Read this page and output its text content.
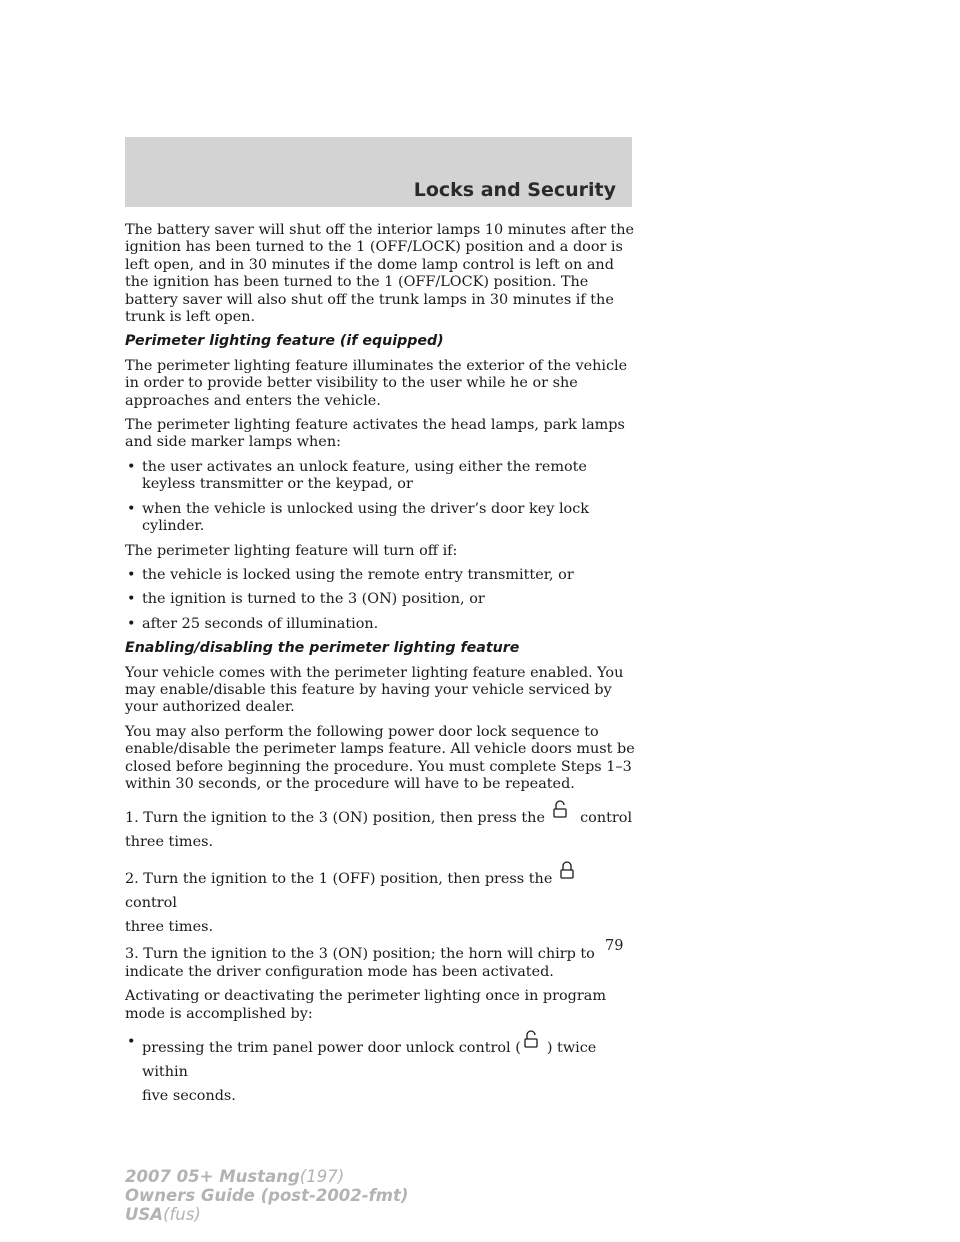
Locks and Security

The battery saver will shut off the interior lamps 10 minutes after the ignition has been turned to the 1 (OFF/LOCK) position and a door is left open, and in 30 minutes if the dome lamp control is left on and the ignition has been turned to the 1 (OFF/LOCK) position. The battery saver will also shut off the trunk lamps in 30 minutes if the trunk is left open.

Perimeter lighting feature (if equipped)

The perimeter lighting feature illuminates the exterior of the vehicle in order to provide better visibility to the user while he or she approaches and enters the vehicle.

The perimeter lighting feature activates the head lamps, park lamps and side marker lamps when:

• the user activates an unlock feature, using either the remote keyless transmitter or the keypad, or
• when the vehicle is unlocked using the driver’s door key lock cylinder.

The perimeter lighting feature will turn off if:

• the vehicle is locked using the remote entry transmitter, or
• the ignition is turned to the 3 (ON) position, or
• after 25 seconds of illumination.
Enabling/disabling the perimeter lighting feature

Your vehicle comes with the perimeter lighting feature enabled. You may enable/disable this feature by having your vehicle serviced by your authorized dealer.

You may also perform the following power door lock sequence to enable/disable the perimeter lamps feature. All vehicle doors must be closed before beginning the procedure. You must complete Steps 1–3 within 30 seconds, or the procedure will have to be repeated.

1. Turn the ignition to the 3 (ON) position, then press the control
three times.

2. Turn the ignition to the 1 (OFF) position, then press the  control
three times.

3. Turn the ignition to the 3 (ON) position; the horn will chirp to indicate the driver configuration mode has been activated.

Activating or deactivating the perimeter lighting once in program mode is accomplished by:

• pressing the trim panel power door unlock control ( ) twice within
five seconds.
79
2007 05+ Mustang(197)
Owners Guide (post-2002-fmt)
USA(fus)
